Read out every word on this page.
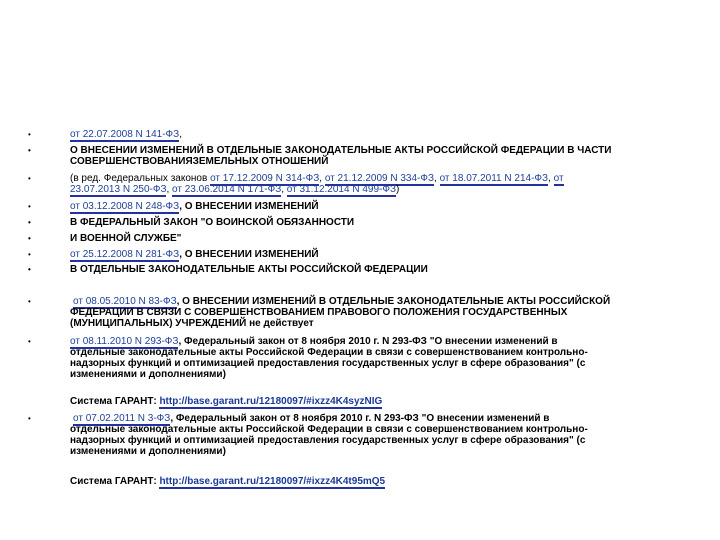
•	от 22.07.2008 N 141-ФЗ,
•	О ВНЕСЕНИИ ИЗМЕНЕНИЙ В ОТДЕЛЬНЫЕ ЗАКОНОДАТЕЛЬНЫЕ АКТЫ РОССИЙСКОЙ ФЕДЕРАЦИИ В ЧАСТИ
СОВЕРШЕНСТВОВАНИЯЗЕМЕЛЬНЫХ ОТНОШЕНИЙ
•	(в ред. Федеральных законов от 17.12.2009 N 314-ФЗ, от 21.12.2009 N 334-ФЗ, от 18.07.2011 N 214-ФЗ, от
23.07.2013 N 250-ФЗ, от 23.06.2014 N 171-ФЗ, от 31.12.2014 N 499-ФЗ)
•	от 03.12.2008 N 248-ФЗ, О ВНЕСЕНИИ ИЗМЕНЕНИЙ
•	В ФЕДЕРАЛЬНЫЙ ЗАКОН "О ВОИНСКОЙ ОБЯЗАННОСТИ
•	И ВОЕННОЙ СЛУЖБЕ"
•	от 25.12.2008 N 281-ФЗ, О ВНЕСЕНИИ ИЗМЕНЕНИЙ
•	В ОТДЕЛЬНЫЕ ЗАКОНОДАТЕЛЬНЫЕ АКТЫ РОССИЙСКОЙ ФЕДЕРАЦИИ
•	от 08.05.2010 N 83-ФЗ, О ВНЕСЕНИИ ИЗМЕНЕНИЙ В ОТДЕЛЬНЫЕ ЗАКОНОДАТЕЛЬНЫЕ АКТЫ РОССИЙСКОЙ
ФЕДЕРАЦИИ В СВЯЗИ С СОВЕРШЕНСТВОВАНИЕМ ПРАВОВОГО ПОЛОЖЕНИЯ ГОСУДАРСТВЕННЫХ
(МУНИЦИПАЛЬНЫХ) УЧРЕЖДЕНИЙ не действует
•	от 08.11.2010 N 293-ФЗ, Федеральный закон от 8 ноября 2010 г. N 293-ФЗ "О внесении изменений в
отдельные законодательные акты Российской Федерации в связи с совершенствованием контрольно-
надзорных функций и оптимизацией предоставления государственных услуг в сфере образования" (с
изменениями и дополнениями)
Система ГАРАНТ: http://base.garant.ru/12180097/#ixzz4K4syzNIG
•	от 07.02.2011 N 3-ФЗ, Федеральный закон от 8 ноября 2010 г. N 293-ФЗ "О внесении изменений в
отдельные законодательные акты Российской Федерации в связи с совершенствованием контрольно-
надзорных функций и оптимизацией предоставления государственных услуг в сфере образования" (с
изменениями и дополнениями)
Система ГАРАНТ: http://base.garant.ru/12180097/#ixzz4K4t95mQ5
